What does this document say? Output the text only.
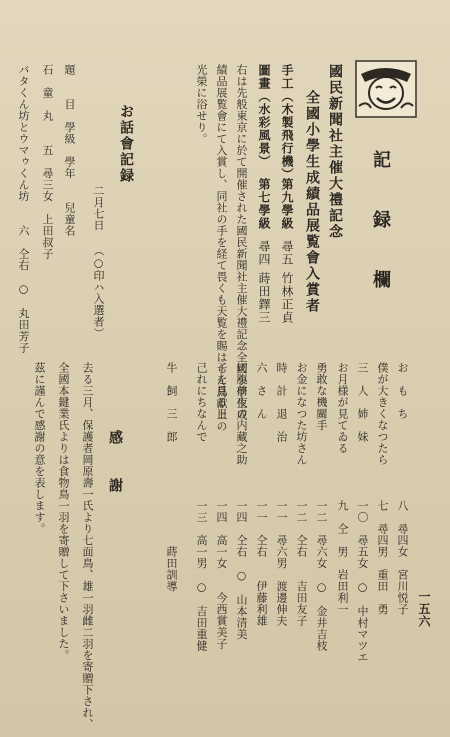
一五六
記　録　欄
國民新聞社主催大禮記念
全國小學生成績品展覧會入賞者
手工（木製飛行機）
第九學級
尋五
竹林正貞
圖畫（水彩風景）
第七學級
尋四
蒔田鐸三
右は先般東京に於て開催された國民新聞社主催大禮記念全國小學生成
績品展覧會にて入賞し、同社の手を経て畏くも天覧を賜はらん爲獻上の
光榮に浴せり。
お話會記録
二月七日
（○印ハ入選者）
題　　目　學級　學年　　兒童名
石　童　丸　　五　尋三女　上田叔子
バタくん坊とウマゥくん坊　　六　仝右　○　丸田芳子
お　も　ち　　　　　　　八　尋四女　宮川悦子
僕が大きくなつたら　　　七　尋四男　重田　勇
三　人　姉　妹　　　　　一〇　尋五女　○　中村マツエ
お月様が見てゐる　　　　九　仝　男　岩田利一
勇敢な機關手　　　　　　一二　尋六女　○　金井吉枝
お金になつた坊さん　　　一二　仝右　　吉田友子
時　計　退　治　　　　　一一　尋六男　渡邊伸夫
六　さ　ん　　　　　　　一一　仝右　　伊藤利雄
切腹前夜の内藏之助　　　一四　仝右　○　山本清美
子を見る目　　　　　　　一四　高一女　　今西賞美子
己れにちなんで　　　　　一三　高一男　○　吉田重健
牛　飼　三　郎　　　　　　　　　蒔田訓導
感　　謝
去る三月、保護者岡原壽一氏より七面鳥、雄一羽雌二羽を寄贈下され、
全國本鍵業氏よりは食物鳥一羽を寄贈して下さいました。
茲に謹んで感謝の意を表します。
